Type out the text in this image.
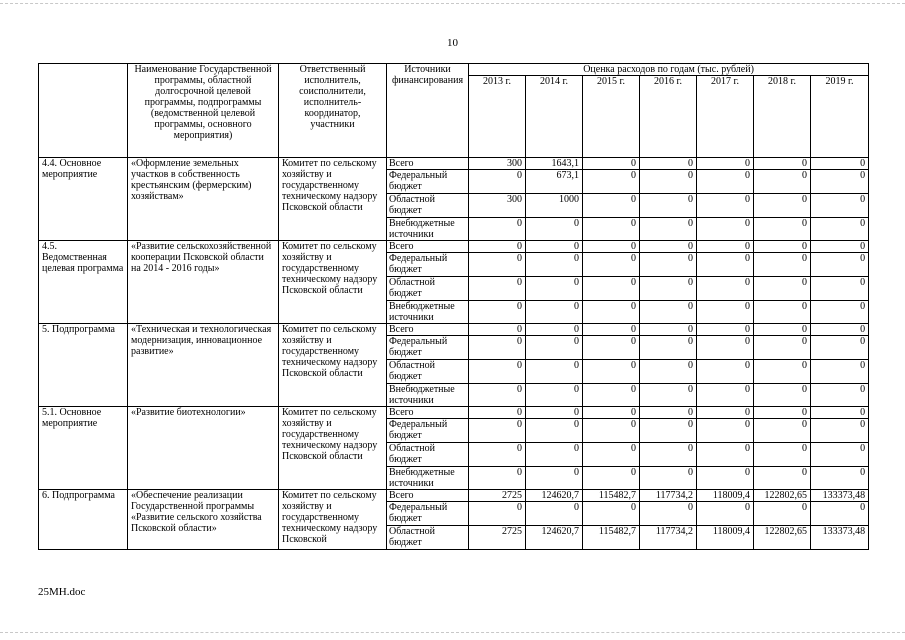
10
	Наименование Государственной программы, областной долгосрочной целевой программы, подпрограммы (ведомственной целевой программы, основного мероприятия)	Ответственный исполнитель, соисполнители, исполнитель-координатор, участники	Источники финансирования	Оценка расходов по годам (тыс. рублей)						
				2013 г.	2014 г.	2015 г.	2016 г.	2017 г.	2018 г.	2019 г.
4.4. Основное мероприятие	«Оформление земельных участков в собственность крестьянским (фермерским) хозяйствам»	Комитет по сельскому хозяйству и государственному техническому надзору Псковской области	Всего	300	1643,1	0	0	0	0	0
			Федеральный бюджет	0	673,1	0	0	0	0	0
			Областной бюджет	300	1000	0	0	0	0	0
			Внебюджетные источники	0	0	0	0	0	0	0
4.5. Ведомственная целевая программа	«Развитие сельскохозяйственной кооперации Псковской области на 2014 - 2016 годы»	Комитет по сельскому хозяйству и государственному техническому надзору Псковской области	Всего	0	0	0	0	0	0	0
			Федеральный бюджет	0	0	0	0	0	0	0
			Областной бюджет	0	0	0	0	0	0	0
			Внебюджетные источники	0	0	0	0	0	0	0
5. Подпрограмма	«Техническая и технологическая модернизация, инновационное развитие»	Комитет по сельскому хозяйству и государственному техническому надзору Псковской области	Всего	0	0	0	0	0	0	0
			Федеральный бюджет	0	0	0	0	0	0	0
			Областной бюджет	0	0	0	0	0	0	0
			Внебюджетные источники	0	0	0	0	0	0	0
5.1. Основное мероприятие	«Развитие биотехнологии»	Комитет по сельскому хозяйству и государственному техническому надзору Псковской области	Всего	0	0	0	0	0	0	0
			Федеральный бюджет	0	0	0	0	0	0	0
			Областной бюджет	0	0	0	0	0	0	0
			Внебюджетные источники	0	0	0	0	0	0	0
6. Подпрограмма	«Обеспечение реализации Государственной программы «Развитие сельского хозяйства Псковской области»	Комитет по сельскому хозяйству и государственному техническому надзору Псковской	Всего	2725	124620,7	115482,7	117734,2	118009,4	122802,65	133373,48
			Федеральный бюджет	0	0	0	0	0	0	0
			Областной бюджет	2725	124620,7	115482,7	117734,2	118009,4	122802,65	133373,48
25МН.doc
